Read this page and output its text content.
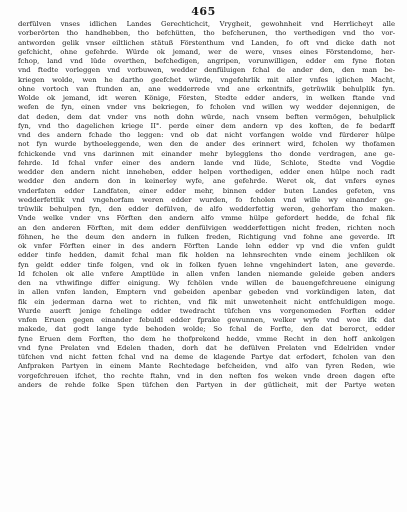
465
derfülven vnses idlichen Landes Gerechtichcit, Vrygheit, gewohnheit vnd Herrlicheyt alle
vorberörten tho handhebben, tho befchütten, tho befcherunen, tho verthedigen vnd tho vor-
antworden gelik vnser eiltlichen stätuß Förstenthum vnd Landen, fo oft vnd dicke dath not
gefchicht, ohne gefehrde. Würde ok jemand, wer de were, vnses eines Förstendome, her-
fchop, land vnd lüde overthen, befchedigen, angripen, vorunwilligen, edder em fyne floten
vnd ftedte vorleggen vnd vorbuwen, wedder denfüluigen fchal de ander den, den man be-
kriegen wolde, wen he dartho geefchet würde, vngefehrlik mit aller vnfes iglichen Macht,
ohne vortoch van ftunden an, ane wedderrede vnd ane erkentnifs, getrüwlik behulplik fyn.
Wolde ok jemand, idt weren Könige, Försten, Stedte edder anders, in welken ftande vnd
wefen de fyn, einen vnder vns bekriegen, fo fcholen vnd willen wy wedder dejennigen, de
dat deden, dem dat vnder vns noth dohn würde, nach vnsem beften vermögen, behulplick
fyn, vnd tho dagelichen kriege II°. perde einer dem andern vp des koften, de fe bedarff
vnd des andern fchade tho leggen: vnd ob dat nicht vorfangen wolde vnd fürderer hülpe
not fyn wurde bythoeleggende, wen den de ander des erinnert wird, fcholen wy thofamen
fchickende vnd vns darinnen mit einander mehr bylegglens tho donde verdragen, ane ge-
fehrde. Id fchal vnfer einer des andern lande vnd lüde, Schlote, Stedte vnd Vogdie
wedder den andern nicht inneheben, edder helpen vorthedigen, edder enen hülpe noch radt
wedder den andern don in keinerley wyfe, ane gefehrde. Weret ok, dat vnfers eynes
vnderfaten edder Landfaten, einer edder mehr, binnen edder buten Landes gefeten, vns
wedderfettlik vnd vngehorfam weren edder wurden, fo fcholen vnd wille wy einander ge-
trüwlik behulpen fyn, den edder defülven, de alfo wedderfettig weren, gehorfam tho maken.
Vnde welke vnder vns Förften den andern alfo vmme hülpe gefordert hedde, de fchal fik
an den anderen Förften, mit dem edder denfülvigen wedderfettigen nicht freden, richten noch
föhnen, he the deum den andern in fulken freden, Richtigung vnd fohne ane geverde. Ift
ok vnfer Förften einer in des andern Förften Lande lehn edder vp vnd die vnfen guldt
edder tinfe hedden, damit fchal man fik holden na lehnsrechten vnde einem jechliken ok
fyn geldt edder tinfe folgen, vnd ok in folken fyuen lehne vngehindert laten, ane geverde.
Id fcholen ok alle vnfere Amptlüde in allen vnfen landen niemande geleide geben anders
den na vthwifinge differ einigung. Wy fchölen vnde willen de bauengefchreuene einigung
in allen vnfen landen, Emptern vnd gebeiden apenbar gebeden vnd vorkündigen laten, dat
fik ein jederman darna wet to richten, vnd fik mit unwetenheit nicht entfchuldigen moge.
Wurde auerft jenige fchelinge edder twedracht tüfchen vns vorgenomeden Forften edder
vnfen Eruen gegen einander febuldl edder fprake gewunnen, welker wyfe vnd woe ifk dat
makede, dat godt lange tyde behoden wolde; So fchal de Forfte, den dat berorct, edder
fyne Eruen dem Forften, tho dem he thofprekend hedde, vmme Recht in den hoff ankolgen
vnd fyne Prelaten vnd Edelen thaden, dorh dat he defülven Prelaten vnd Edelriden vnder
tüfchen vnd nicht fetten fchal vnd na deme de klagende Partye dat erfodert, fcholen van den
Anfpraken Partyen in einem Mante Rechtedage befcheiden, vnd alfo van fyren Reden, wie
vorgefchreuen ifchet, tho rechte ftahn, vnd in den neften fos weken vnde dreen dagen efte
anders de rehde folke Spen tüfchen den Partyen in der gütlicheit, mit der Partye weten
